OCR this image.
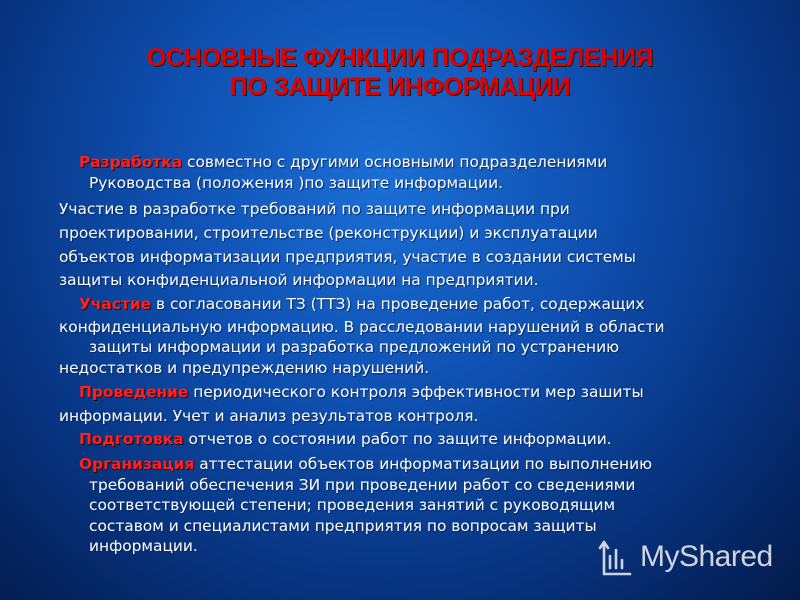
ОСНОВНЫЕ ФУНКЦИИ ПОДРАЗДЕЛЕНИЯ
ПО ЗАЩИТЕ ИНФОРМАЦИИ
Разработка совместно с другими основными подразделениями
Руководства (положения )по защите информации.
Участие в разработке требований по защите информации при
проектировании, строительстве (реконструкции) и эксплуатации
объектов информатизации предприятия, участие в создании системы
защиты конфиденциальной информации на предприятии.
Участие в согласовании ТЗ (ТТЗ) на проведение работ, содержащих
конфиденциальную информацию. В расследовании нарушений в области
защиты информации и разработка предложений по устранению
недостатков и предупреждению нарушений.
Проведение периодического контроля эффективности мер зашиты
информации. Учет и анализ результатов контроля.
Подготовка отчетов о состоянии работ по защите информации.
Организация аттестации объектов информатизации по выполнению
требований обеспечения ЗИ при проведении работ со сведениями
соответствующей степени; проведения занятий с руководящим
составом и специалистами предприятия по вопросам защиты
информации.	MyShared
